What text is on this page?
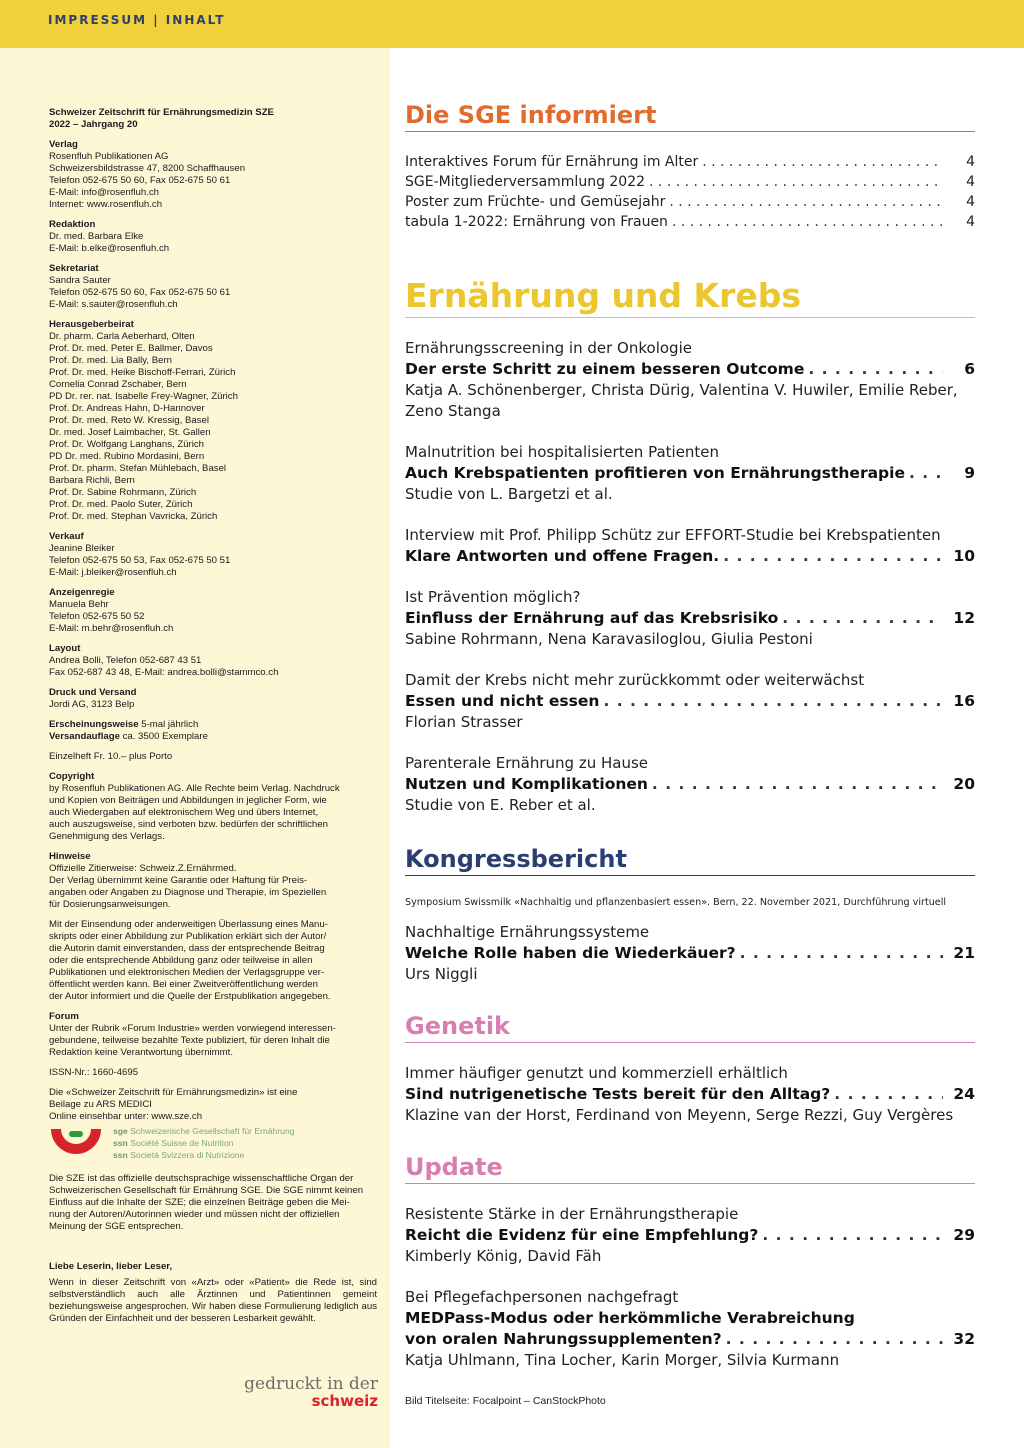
IMPRESSUM | INHALT
Schweizer Zeitschrift für Ernährungsmedizin SZE
2022 – Jahrgang 20
Verlag
Rosenfluh Publikationen AG
Schweizersbildstrasse 47, 8200 Schaffhausen
Telefon 052-675 50 60, Fax 052-675 50 61
E-Mail: info@rosenfluh.ch
Internet: www.rosenfluh.ch
Redaktion
Dr. med. Barbara Elke
E-Mail: b.elke@rosenfluh.ch
Sekretariat
Sandra Sauter
Telefon 052-675 50 60, Fax 052-675 50 61
E-Mail: s.sauter@rosenfluh.ch
Herausgeberbeirat
Dr. pharm. Carla Aeberhard, Olten
Prof. Dr. med. Peter E. Ballmer, Davos
Prof. Dr. med. Lia Bally, Bern
Prof. Dr. med. Heike Bischoff-Ferrari, Zürich
Cornelia Conrad Zschaber, Bern
PD Dr. rer. nat. Isabelle Frey-Wagner, Zürich
Prof. Dr. Andreas Hahn, D-Hannover
Prof. Dr. med. Reto W. Kressig, Basel
Dr. med. Josef Laimbacher, St. Gallen
Prof. Dr. Wolfgang Langhans, Zürich
PD Dr. med. Rubino Mordasini, Bern
Prof. Dr. pharm. Stefan Mühlebach, Basel
Barbara Richli, Bern
Prof. Dr. Sabine Rohrmann, Zürich
Prof. Dr. med. Paolo Suter, Zürich
Prof. Dr. med. Stephan Vavricka, Zürich
Verkauf
Jeanine Bleiker
Telefon 052-675 50 53, Fax 052-675 50 51
E-Mail: j.bleiker@rosenfluh.ch
Anzeigenregie
Manuela Behr
Telefon 052-675 50 52
E-Mail: m.behr@rosenfluh.ch
Layout
Andrea Bolli, Telefon 052-687 43 51
Fax 052-687 43 48, E-Mail: andrea.bolli@stammco.ch
Druck und Versand
Jordi AG, 3123 Belp
Erscheinungsweise 5-mal jährlich
Versandauflage ca. 3500 Exemplare
Einzelheft Fr. 10.– plus Porto
Copyright
by Rosenfluh Publikationen AG. Alle Rechte beim Verlag. Nachdruck
und Kopien von Beiträgen und Abbildungen in jeglicher Form, wie
auch Wiedergaben auf elektronischem Weg und übers Internet,
auch auszugsweise, sind verboten bzw. bedürfen der schriftlichen
Genehmigung des Verlags.
Hinweise
Offizielle Zitierweise: Schweiz.Z.Ernährmed.
Der Verlag übernimmt keine Garantie oder Haftung für Preis-
angaben oder Angaben zu Diagnose und Therapie, im Speziellen
für Dosierungsanweisungen.
Mit der Einsendung oder anderweitigen Überlassung eines Manu-
skripts oder einer Abbildung zur Publikation erklärt sich der Autor/
die Autorin damit einverstanden, dass der entsprechende Beitrag
oder die entsprechende Abbildung ganz oder teilweise in allen
Publikationen und elektronischen Medien der Verlagsgruppe ver-
öffentlicht werden kann. Bei einer Zweitveröffentlichung werden
der Autor informiert und die Quelle der Erstpublikation angegeben.
Forum
Unter der Rubrik «Forum Industrie» werden vorwiegend interessen-
gebundene, teilweise bezahlte Texte publiziert, für deren Inhalt die
Redaktion keine Verantwortung übernimmt.
ISSN-Nr.: 1660-4695
Die «Schweizer Zeitschrift für Ernährungsmedizin» ist eine
Beilage zu ARS MEDICI
Online einsehbar unter: www.sze.ch
sge Schweizerische Gesellschaft für Ernährung
ssn Société Suisse de Nutrition
ssn Società Svizzera di Nutrizione
Die SZE ist das offizielle deutschsprachige wissenschaftliche Organ der
Schweizerischen Gesellschaft für Ernährung SGE. Die SGE nimmt keinen
Einfluss auf die Inhalte der SZE; die einzelnen Beiträge geben die Mei-
nung der Autoren/Autorinnen wieder und müssen nicht der offiziellen
Meinung der SGE entsprechen.
Liebe Leserin, lieber Leser,
Wenn in dieser Zeitschrift von «Arzt» oder «Patient» die Rede ist, sind selbstverständlich auch alle Ärztinnen und Patientinnen gemeint beziehungsweise angesprochen. Wir haben diese Formulierung lediglich aus Gründen der Einfachheit und der besseren Lesbarkeit gewählt.
gedruckt in der
schweiz
Die SGE informiert
Interaktives Forum für Ernährung im Alter . . .	4
SGE-Mitgliederversammlung 2022 . . .	4
Poster zum Früchte- und Gemüsejahr . . .	4
tabula 1-2022: Ernährung von Frauen . . .	4
Ernährung und Krebs
Ernährungsscreening in der Onkologie
Der erste Schritt zu einem besseren Outcome . . .	6
Katja A. Schönenberger, Christa Dürig, Valentina V. Huwiler, Emilie Reber, Zeno Stanga
Malnutrition bei hospitalisierten Patienten
Auch Krebspatienten profitieren von Ernährungstherapie . . .	9
Studie von L. Bargetzi et al.
Interview mit Prof. Philipp Schütz zur EFFORT-Studie bei Krebspatienten
Klare Antworten und offene Fragen. . . .	10
Ist Prävention möglich?
Einfluss der Ernährung auf das Krebsrisiko . . .	12
Sabine Rohrmann, Nena Karavasiloglou, Giulia Pestoni
Damit der Krebs nicht mehr zurückkommt oder weiterwächst
Essen und nicht essen . . .	16
Florian Strasser
Parenterale Ernährung zu Hause
Nutzen und Komplikationen . . .	20
Studie von E. Reber et al.
Kongressbericht
Symposium Swissmilk «Nachhaltig und pflanzenbasiert essen». Bern, 22. November 2021, Durchführung virtuell
Nachhaltige Ernährungssysteme
Welche Rolle haben die Wiederkäuer? . . .	21
Urs Niggli
Genetik
Immer häufiger genutzt und kommerziell erhältlich
Sind nutrigenetische Tests bereit für den Alltag? . . .	24
Klazine van der Horst, Ferdinand von Meyenn, Serge Rezzi, Guy Vergères
Update
Resistente Stärke in der Ernährungstherapie
Reicht die Evidenz für eine Empfehlung? . . .	29
Kimberly König, David Fäh
Bei Pflegefachpersonen nachgefragt
MEDPass-Modus oder herkömmliche Verabreichung
von oralen Nahrungssupplementen? . . .	32
Katja Uhlmann, Tina Locher, Karin Morger, Silvia Kurmann
Bild Titelseite: Focalpoint – CanStockPhoto
